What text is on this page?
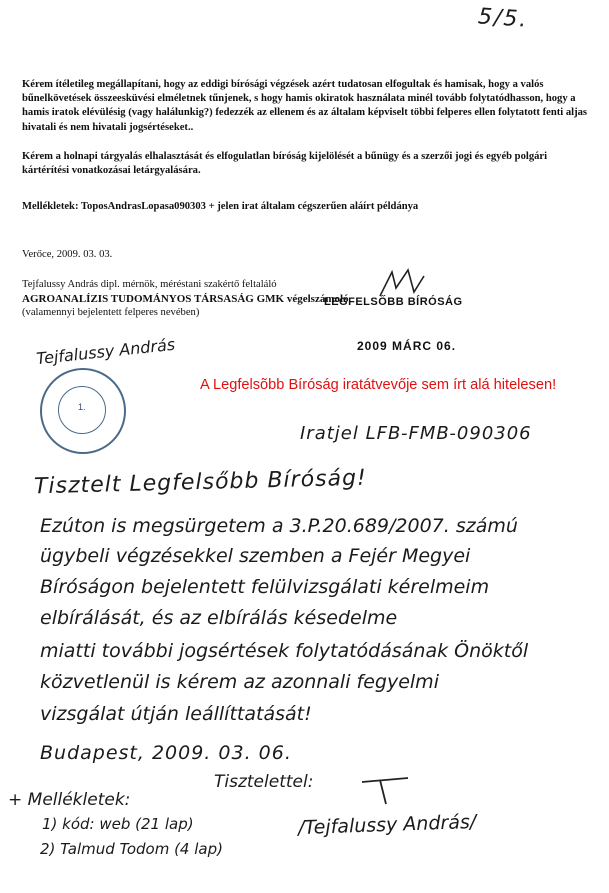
5/5.
Kérem ítéletileg megállapítani, hogy az eddigi bírósági végzések azért tudatosan elfogultak és hamisak, hogy a valós bűnelkövetések összeesküvési elméletnek tűnjenek, s hogy hamis okiratok használata minél tovább folytatódhasson, hogy a hamis iratok elévülésig (vagy halálunkig?) fedezzék az ellenem és az általam képviselt többi felperes ellen folytatott fenti aljas hivatali és nem hivatali jogsértéseket..
Kérem a holnapi tárgyalás elhalasztását és elfogulatlan bíróság kijelölését a bűnügy és a szerzői jogi és egyéb polgári kártérítési vonatkozásai letárgyalására.
Mellékletek: ToposAndrasLopasa090303 + jelen irat általam cégszerűen aláírt példánya
Verőce, 2009. 03. 03.
Tejfalussy András dipl. mérnök, méréstani szakértő feltaláló
AGROANALÍZIS TUDOMÁNYOS TÁRSASÁG GMK végelszámoló
(valamennyi bejelentett felperes nevében)
LEGFELSŐBB BÍRÓSÁG
2009 MÁRC 06.
Tejfalussy András
1.
A Legfelsõbb Bíróság iratátvevője sem írt alá hitelesen!
Iratjel LFB-FMB-090306
Tisztelt Legfelsőbb Bíróság!
Ezúton is megsürgetem a 3.P.20.689/2007. számú
ügybeli végzésekkel szemben a Fejér Megyei
Bíróságon bejelentett felülvizsgálati kérelmeim
elbírálását, és az elbírálás késedelme
miatti további jogsértések folytatódásának Önöktől
közvetlenül is kérem az azonnali fegyelmi
vizsgálat útján leállíttatását!
Budapest, 2009. 03. 06.
Tisztelettel:
+ Mellékletek:
1) kód: web (21 lap)
2) Talmud Todom (4 lap)
/Tejfalussy András/
